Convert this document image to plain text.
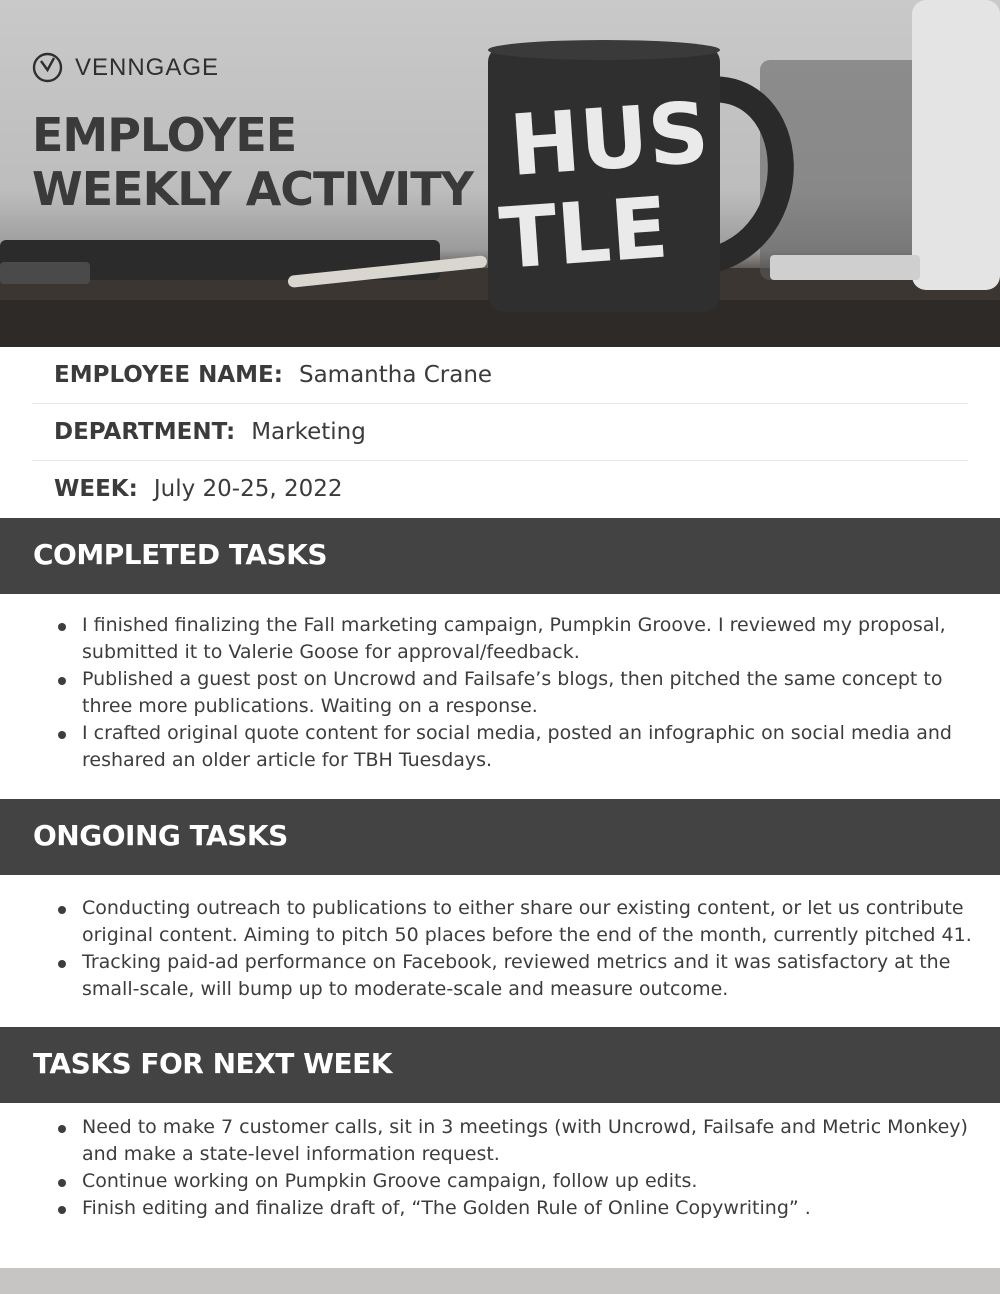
HUS
TLE
VENNGAGE
EMPLOYEE
WEEKLY ACTIVITY
EMPLOYEE NAME: Samantha Crane
DEPARTMENT: Marketing
WEEK: July 20-25, 2022
COMPLETED TASKS
I finished finalizing the Fall marketing campaign, Pumpkin Groove. I reviewed my proposal, submitted it to Valerie Goose for approval/feedback.
Published a guest post on Uncrowd and Failsafe’s blogs, then pitched the same concept to three more publications. Waiting on a response.
I crafted original quote content for social media, posted an infographic on social media and reshared an older article for TBH Tuesdays.
ONGOING TASKS
Conducting outreach to publications to either share our existing content, or let us contribute original content. Aiming to pitch 50 places before the end of the month, currently pitched 41.
Tracking paid-ad performance on Facebook, reviewed metrics and it was satisfactory at the small-scale, will bump up to moderate-scale and measure outcome.
TASKS FOR NEXT WEEK
Need to make 7 customer calls, sit in 3 meetings (with Uncrowd, Failsafe and Metric Monkey) and make a state-level information request.
Continue working on Pumpkin Groove campaign, follow up edits.
Finish editing and finalize draft of, “The Golden Rule of Online Copywriting” .
